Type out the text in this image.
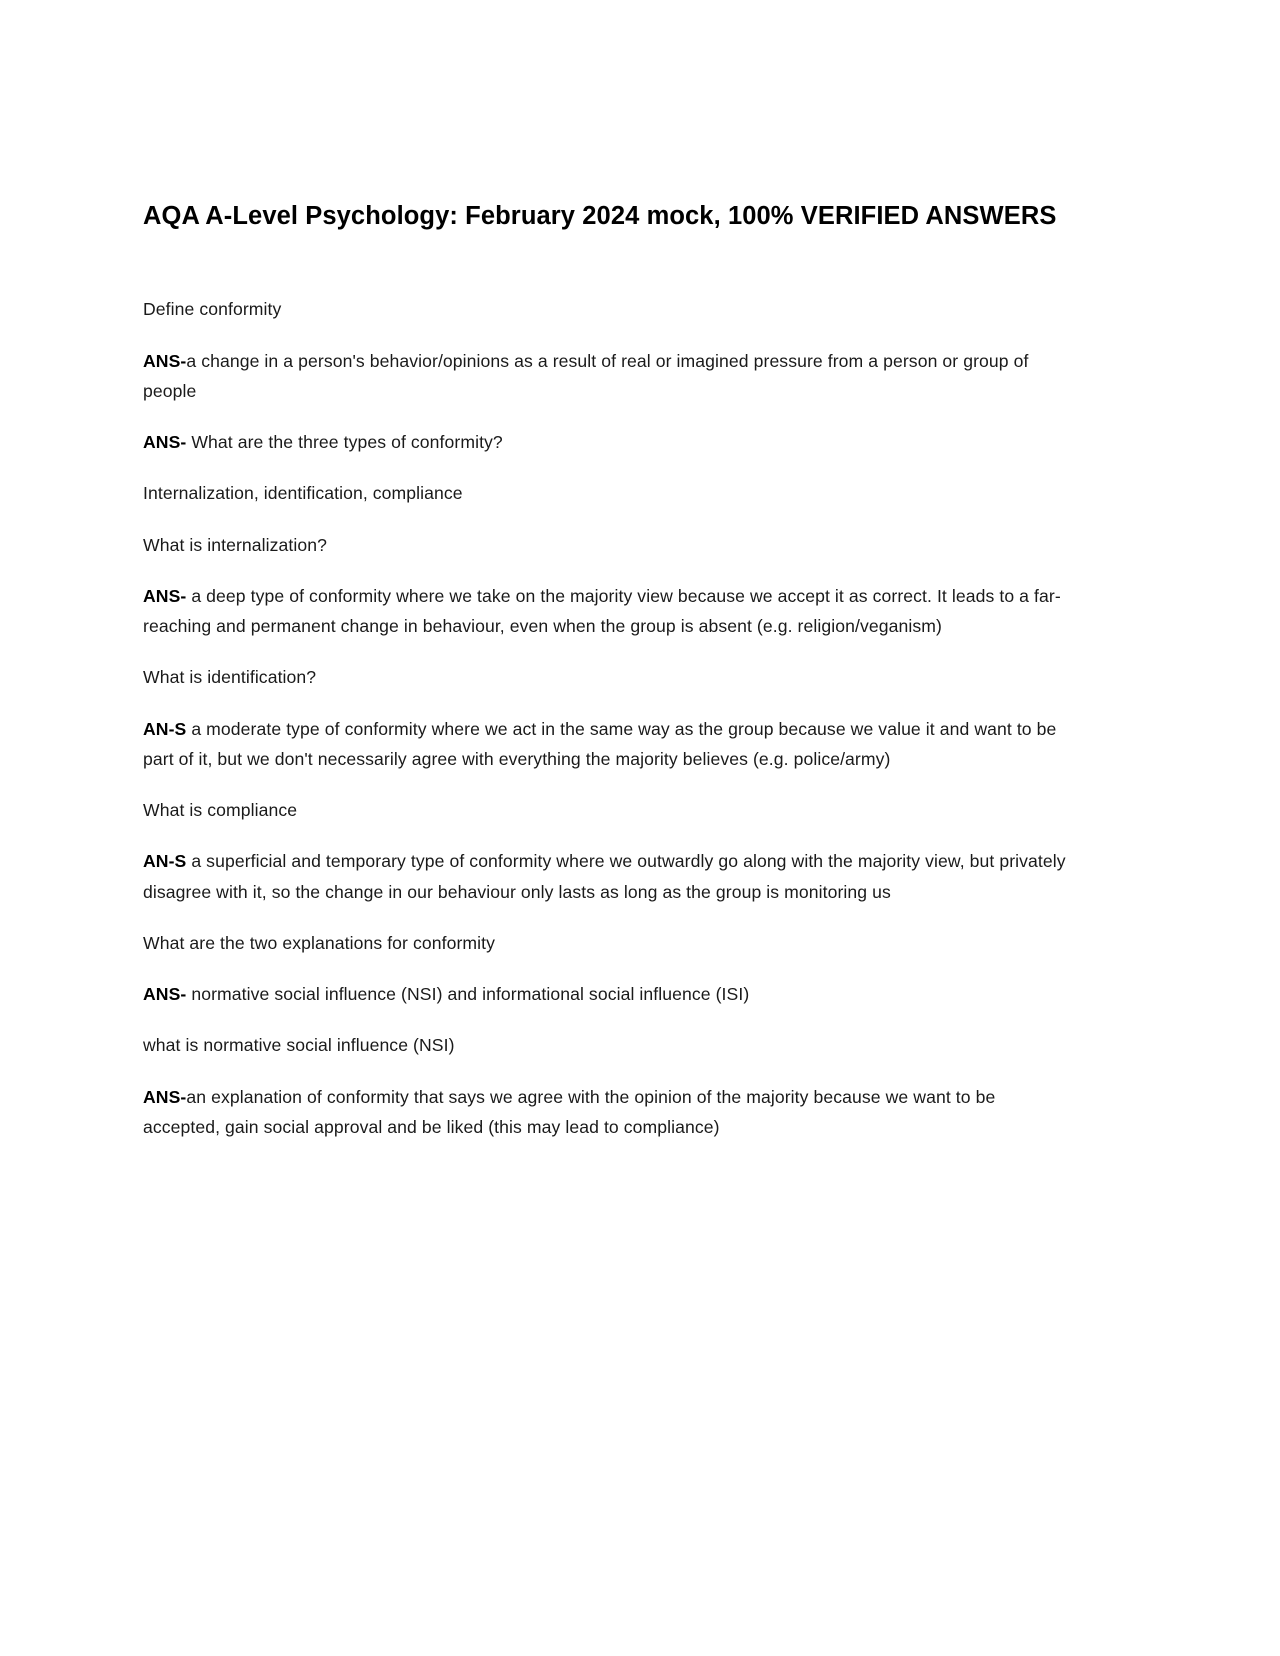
AQA A-Level Psychology: February 2024 mock, 100% VERIFIED ANSWERS

Define conformity

ANS-a change in a person's behavior/opinions as a result of real or imagined pressure from a person or group of people

ANS- What are the three types of conformity?

Internalization, identification, compliance

What is internalization?

ANS- a deep type of conformity where we take on the majority view because we accept it as correct. It leads to a far-reaching and permanent change in behaviour, even when the group is absent (e.g. religion/veganism)

What is identification?

AN-S a moderate type of conformity where we act in the same way as the group because we value it and want to be part of it, but we don't necessarily agree with everything the majority believes (e.g. police/army)

What is compliance

AN-S a superficial and temporary type of conformity where we outwardly go along with the majority view, but privately disagree with it, so the change in our behaviour only lasts as long as the group is monitoring us

What are the two explanations for conformity

ANS- normative social influence (NSI) and informational social influence (ISI)

what is normative social influence (NSI)

ANS-an explanation of conformity that says we agree with the opinion of the majority because we want to be accepted, gain social approval and be liked (this may lead to compliance)
